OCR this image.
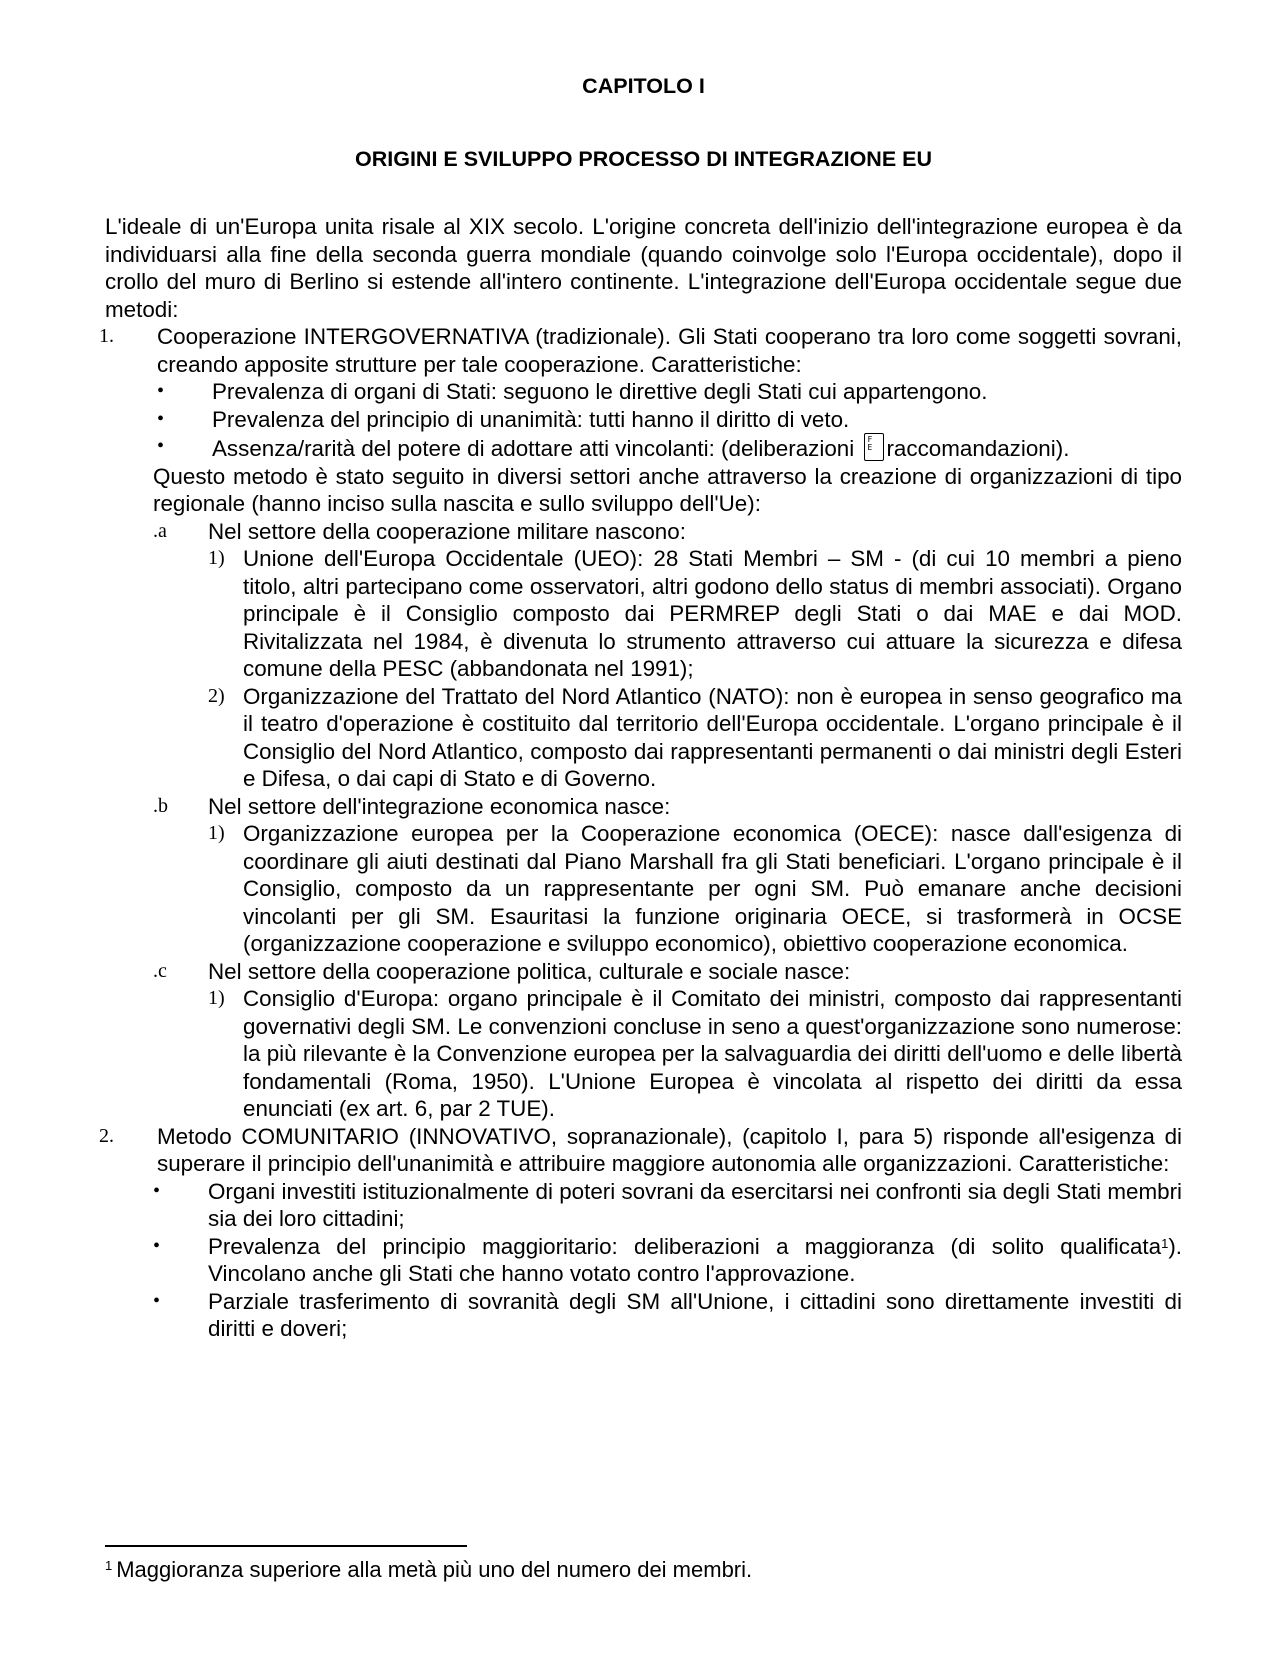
CAPITOLO I
ORIGINI E SVILUPPO PROCESSO DI INTEGRAZIONE EU

L'ideale di un'Europa unita risale al XIX secolo. L'origine concreta dell'inizio dell'integrazione europea è da individuarsi alla fine della seconda guerra mondiale (quando coinvolge solo l'Europa occidentale), dopo il crollo del muro di Berlino si estende all'intero continente. L'integrazione dell'Europa occidentale segue due metodi:

1. Cooperazione INTERGOVERNATIVA (tradizionale). Gli Stati cooperano tra loro come soggetti sovrani, creando apposite strutture per tale cooperazione. Caratteristiche:
• Prevalenza di organi di Stati: seguono le direttive degli Stati cui appartengono.
• Prevalenza del principio di unanimità: tutti hanno il diritto di veto.
• Assenza/rarità del potere di adottare atti vincolanti: (deliberazioni F
E raccomandazioni).

Questo metodo è stato seguito in diversi settori anche attraverso la creazione di organizzazioni di tipo regionale (hanno inciso sulla nascita e sullo sviluppo dell'Ue):

.a Nel settore della cooperazione militare nascono:
1) Unione dell'Europa Occidentale (UEO): 28 Stati Membri – SM - (di cui 10 membri a pieno titolo, altri partecipano come osservatori, altri godono dello status di membri associati). Organo principale è il Consiglio composto dai PERMREP degli Stati o dai MAE e dai MOD. Rivitalizzata nel 1984, è divenuta lo strumento attraverso cui attuare la sicurezza e difesa comune della PESC (abbandonata nel 1991);
2) Organizzazione del Trattato del Nord Atlantico (NATO): non è europea in senso geografico ma il teatro d'operazione è costituito dal territorio dell'Europa occidentale. L'organo principale è il Consiglio del Nord Atlantico, composto dai rappresentanti permanenti o dai ministri degli Esteri e Difesa, o dai capi di Stato e di Governo.
.b Nel settore dell'integrazione economica nasce:
1) Organizzazione europea per la Cooperazione economica (OECE): nasce dall'esigenza di coordinare gli aiuti destinati dal Piano Marshall fra gli Stati beneficiari. L'organo principale è il Consiglio, composto da un rappresentante per ogni SM. Può emanare anche decisioni vincolanti per gli SM. Esauritasi la funzione originaria OECE, si trasformerà in OCSE (organizzazione cooperazione e sviluppo economico), obiettivo cooperazione economica.
.c Nel settore della cooperazione politica, culturale e sociale nasce:
1) Consiglio d'Europa: organo principale è il Comitato dei ministri, composto dai rappresentanti governativi degli SM. Le convenzioni concluse in seno a quest'organizzazione sono numerose: la più rilevante è la Convenzione europea per la salvaguardia dei diritti dell'uomo e delle libertà fondamentali (Roma, 1950). L'Unione Europea è vincolata al rispetto dei diritti da essa enunciati (ex art. 6, par 2 TUE).
2. Metodo COMUNITARIO (INNOVATIVO, sopranazionale), (capitolo I, para 5) risponde all'esigenza di superare il principio dell'unanimità e attribuire maggiore autonomia alle organizzazioni. Caratteristiche:
• Organi investiti istituzionalmente di poteri sovrani da esercitarsi nei confronti sia degli Stati membri sia dei loro cittadini;
• Prevalenza del principio maggioritario: deliberazioni a maggioranza (di solito qualificata$^1$). Vincolano anche gli Stati che hanno votato contro l'approvazione.
• Parziale trasferimento di sovranità degli SM all'Unione, i cittadini sono direttamente investiti di diritti e doveri;
$^1$ Maggioranza superiore alla metà più uno del numero dei membri.
